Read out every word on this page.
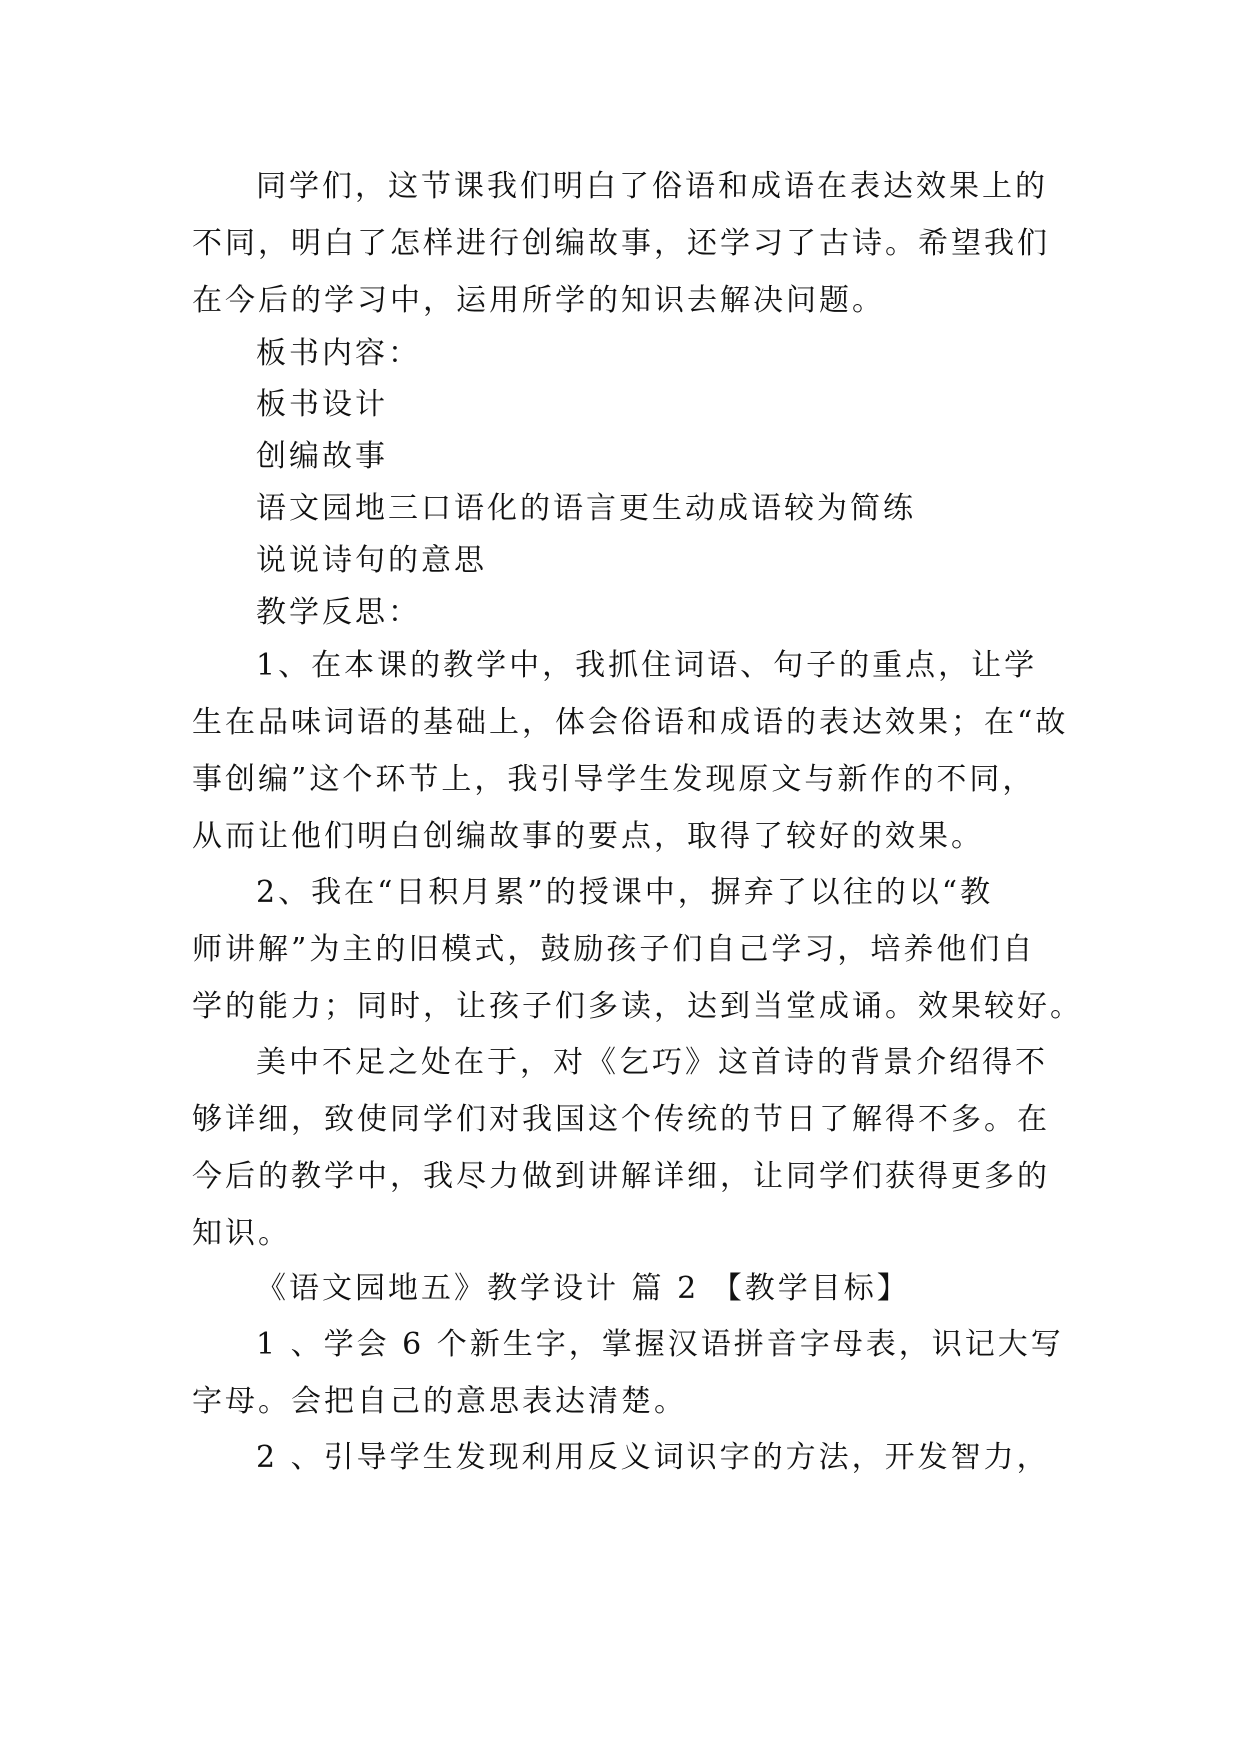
同学们，这节课我们明白了俗语和成语在表达效果上的
不同，明白了怎样进行创编故事，还学习了古诗。希望我们
在今后的学习中，运用所学的知识去解决问题。
板书内容：
板书设计
创编故事
语文园地三口语化的语言更生动成语较为简练
说说诗句的意思
教学反思：
1、在本课的教学中，我抓住词语、句子的重点，让学
生在品味词语的基础上，体会俗语和成语的表达效果；在“故
事创编”这个环节上，我引导学生发现原文与新作的不同，
从而让他们明白创编故事的要点，取得了较好的效果。
2、我在“日积月累”的授课中，摒弃了以往的以“教
师讲解”为主的旧模式，鼓励孩子们自己学习，培养他们自
学的能力；同时，让孩子们多读，达到当堂成诵。效果较好。
美中不足之处在于，对《乞巧》这首诗的背景介绍得不
够详细，致使同学们对我国这个传统的节日了解得不多。在
今后的教学中，我尽力做到讲解详细，让同学们获得更多的
知识。
《语文园地五》教学设计 篇 2 【教学目标】
1 、学会 6 个新生字，掌握汉语拼音字母表，识记大写
字母。会把自己的意思表达清楚。
2 、引导学生发现利用反义词识字的方法，开发智力，
